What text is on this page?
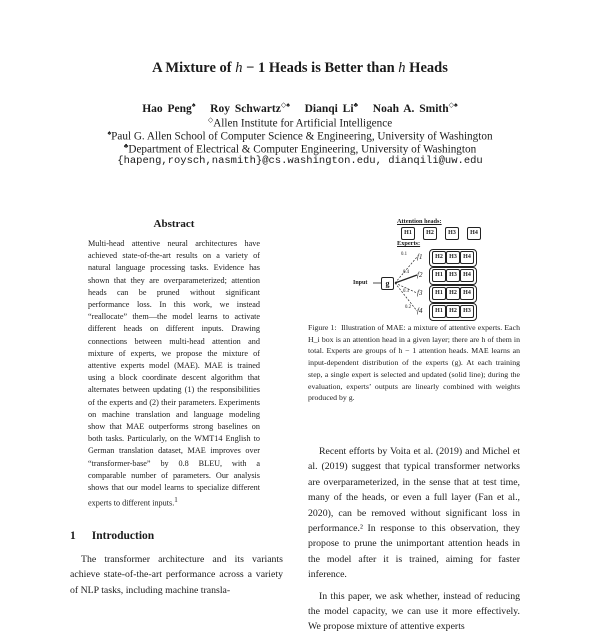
A Mixture of h − 1 Heads is Better than h Heads
Hao Peng♠ Roy Schwartz◇♠ Dianqi Li♣ Noah A. Smith◇♠
◇Allen Institute for Artificial Intelligence
♠Paul G. Allen School of Computer Science & Engineering, University of Washington
♣Department of Electrical & Computer Engineering, University of Washington
{hapeng,roysch,nasmith}@cs.washington.edu, dianqili@uw.edu
Abstract
Multi-head attentive neural architectures have achieved state-of-the-art results on a variety of natural language processing tasks. Evidence has shown that they are overparameterized; attention heads can be pruned without significant performance loss. In this work, we instead “reallocate” them—the model learns to activate different heads on different inputs. Drawing connections between multi-head attention and mixture of experts, we propose the mixture of attentive experts model (MAE). MAE is trained using a block coordinate descent algorithm that alternates between updating (1) the responsibilities of the experts and (2) their parameters. Experiments on machine translation and language modeling show that MAE outperforms strong baselines on both tasks. Particularly, on the WMT14 English to German translation dataset, MAE improves over “transformer-base” by 0.8 BLEU, with a comparable number of parameters. Our analysis shows that our model learns to specialize different experts to different inputs.$^1$
1 Introduction
The transformer architecture and its variants achieve state-of-the-art performance across a variety of NLP tasks, including machine transla-
Attention heads:
H1	H2	H3	H4
Experts:
Input	g
0.1 f1	H2	H3	H4
0.4 f2	H1	H3	H4
0.3 f3	H1	H2	H4
0.2 f4	H1	H2	H3
Figure 1: Illustration of MAE: a mixture of attentive experts. Each H_i box is an attention head in a given layer; there are h of them in total. Experts are groups of h − 1 attention heads. MAE learns an input-dependent distribution of the experts (g). At each training step, a single expert is selected and updated (solid line); during the evaluation, experts’ outputs are linearly combined with weights produced by g.

Recent efforts by Voita et al. (2019) and Michel et al. (2019) suggest that typical transformer networks are overparameterized, in the sense that at test time, many of the heads, or even a full layer (Fan et al., 2020), can be removed without significant loss in performance.² In response to this observation, they propose to prune the unimportant attention heads in the model after it is trained, aiming for faster inference.

In this paper, we ask whether, instead of reducing the model capacity, we can use it more effectively. We propose mixture of attentive experts
